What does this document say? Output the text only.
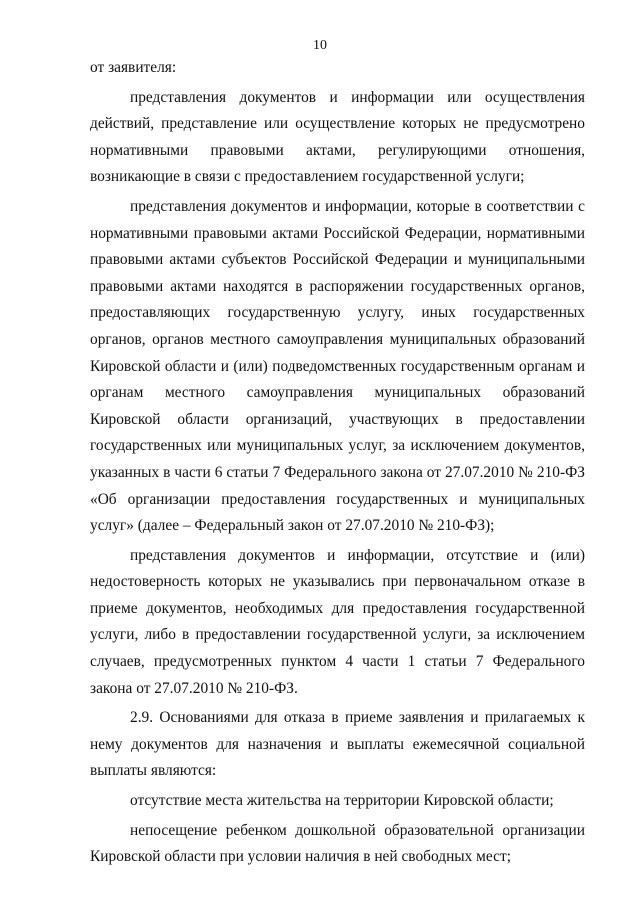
10

от заявителя:

представления документов и информации или осуществления действий, представление или осуществление которых не предусмотрено нормативными правовыми актами, регулирующими отношения, возникающие в связи с предоставлением государственной услуги;

представления документов и информации, которые в соответствии с нормативными правовыми актами Российской Федерации, нормативными правовыми актами субъектов Российской Федерации и муниципальными правовыми актами находятся в распоряжении государственных органов, предоставляющих государственную услугу, иных государственных органов, органов местного самоуправления муниципальных образований Кировской области и (или) подведомственных государственным органам и органам местного самоуправления муниципальных образований Кировской области организаций, участвующих в предоставлении государственных или муниципальных услуг, за исключением документов, указанных в части 6 статьи 7 Федерального закона от 27.07.2010 № 210-ФЗ «Об организации предоставления государственных и муниципальных услуг» (далее – Федеральный закон от 27.07.2010 № 210-ФЗ);

представления документов и информации, отсутствие и (или) недостоверность которых не указывались при первоначальном отказе в приеме документов, необходимых для предоставления государственной услуги, либо в предоставлении государственной услуги, за исключением случаев, предусмотренных пунктом 4 части 1 статьи 7 Федерального закона от 27.07.2010 № 210-ФЗ.

2.9. Основаниями для отказа в приеме заявления и прилагаемых к нему документов для назначения и выплаты ежемесячной социальной выплаты являются:

отсутствие места жительства на территории Кировской области;

непосещение ребенком дошкольной образовательной организации Кировской области при условии наличия в ней свободных мест;
